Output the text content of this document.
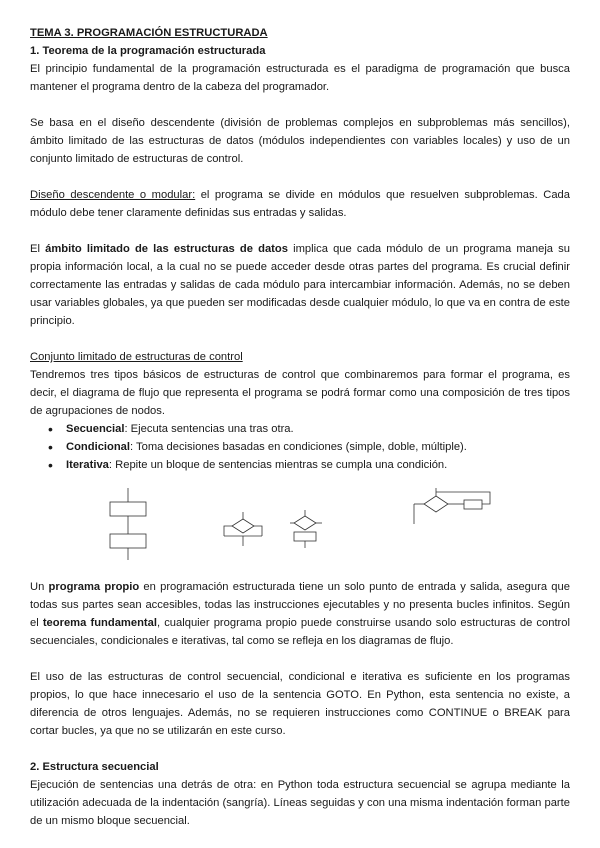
TEMA 3. PROGRAMACIÓN ESTRUCTURADA
1. Teorema de la programación estructurada

El principio fundamental de la programación estructurada es el paradigma de programación que busca mantener el programa dentro de la cabeza del programador.

Se basa en el diseño descendente (división de problemas complejos en subproblemas más sencillos), ámbito limitado de las estructuras de datos (módulos independientes con variables locales) y uso de un conjunto limitado de estructuras de control.

Diseño descendente o modular: el programa se divide en módulos que resuelven subproblemas. Cada módulo debe tener claramente definidas sus entradas y salidas.

El ámbito limitado de las estructuras de datos implica que cada módulo de un programa maneja su propia información local, a la cual no se puede acceder desde otras partes del programa. Es crucial definir correctamente las entradas y salidas de cada módulo para intercambiar información. Además, no se deben usar variables globales, ya que pueden ser modificadas desde cualquier módulo, lo que va en contra de este principio.

Conjunto limitado de estructuras de control

Tendremos tres tipos básicos de estructuras de control que combinaremos para formar el programa, es decir, el diagrama de flujo que representa el programa se podrá formar como una composición de tres tipos de agrupaciones de nodos.

• Secuencial: Ejecuta sentencias una tras otra.
• Condicional: Toma decisiones basadas en condiciones (simple, doble, múltiple).
• Iterativa: Repite un bloque de sentencias mientras se cumpla una condición.

Un programa propio en programación estructurada tiene un solo punto de entrada y salida, asegura que todas sus partes sean accesibles, todas las instrucciones ejecutables y no presenta bucles infinitos. Según el teorema fundamental, cualquier programa propio puede construirse usando solo estructuras de control secuenciales, condicionales e iterativas, tal como se refleja en los diagramas de flujo.

El uso de las estructuras de control secuencial, condicional e iterativa es suficiente en los programas propios, lo que hace innecesario el uso de la sentencia GOTO. En Python, esta sentencia no existe, a diferencia de otros lenguajes. Además, no se requieren instrucciones como CONTINUE o BREAK para cortar bucles, ya que no se utilizarán en este curso.

2. Estructura secuencial

Ejecución de sentencias una detrás de otra: en Python toda estructura secuencial se agrupa mediante la utilización adecuada de la indentación (sangría). Líneas seguidas y con una misma indentación forman parte de un mismo bloque secuencial.
